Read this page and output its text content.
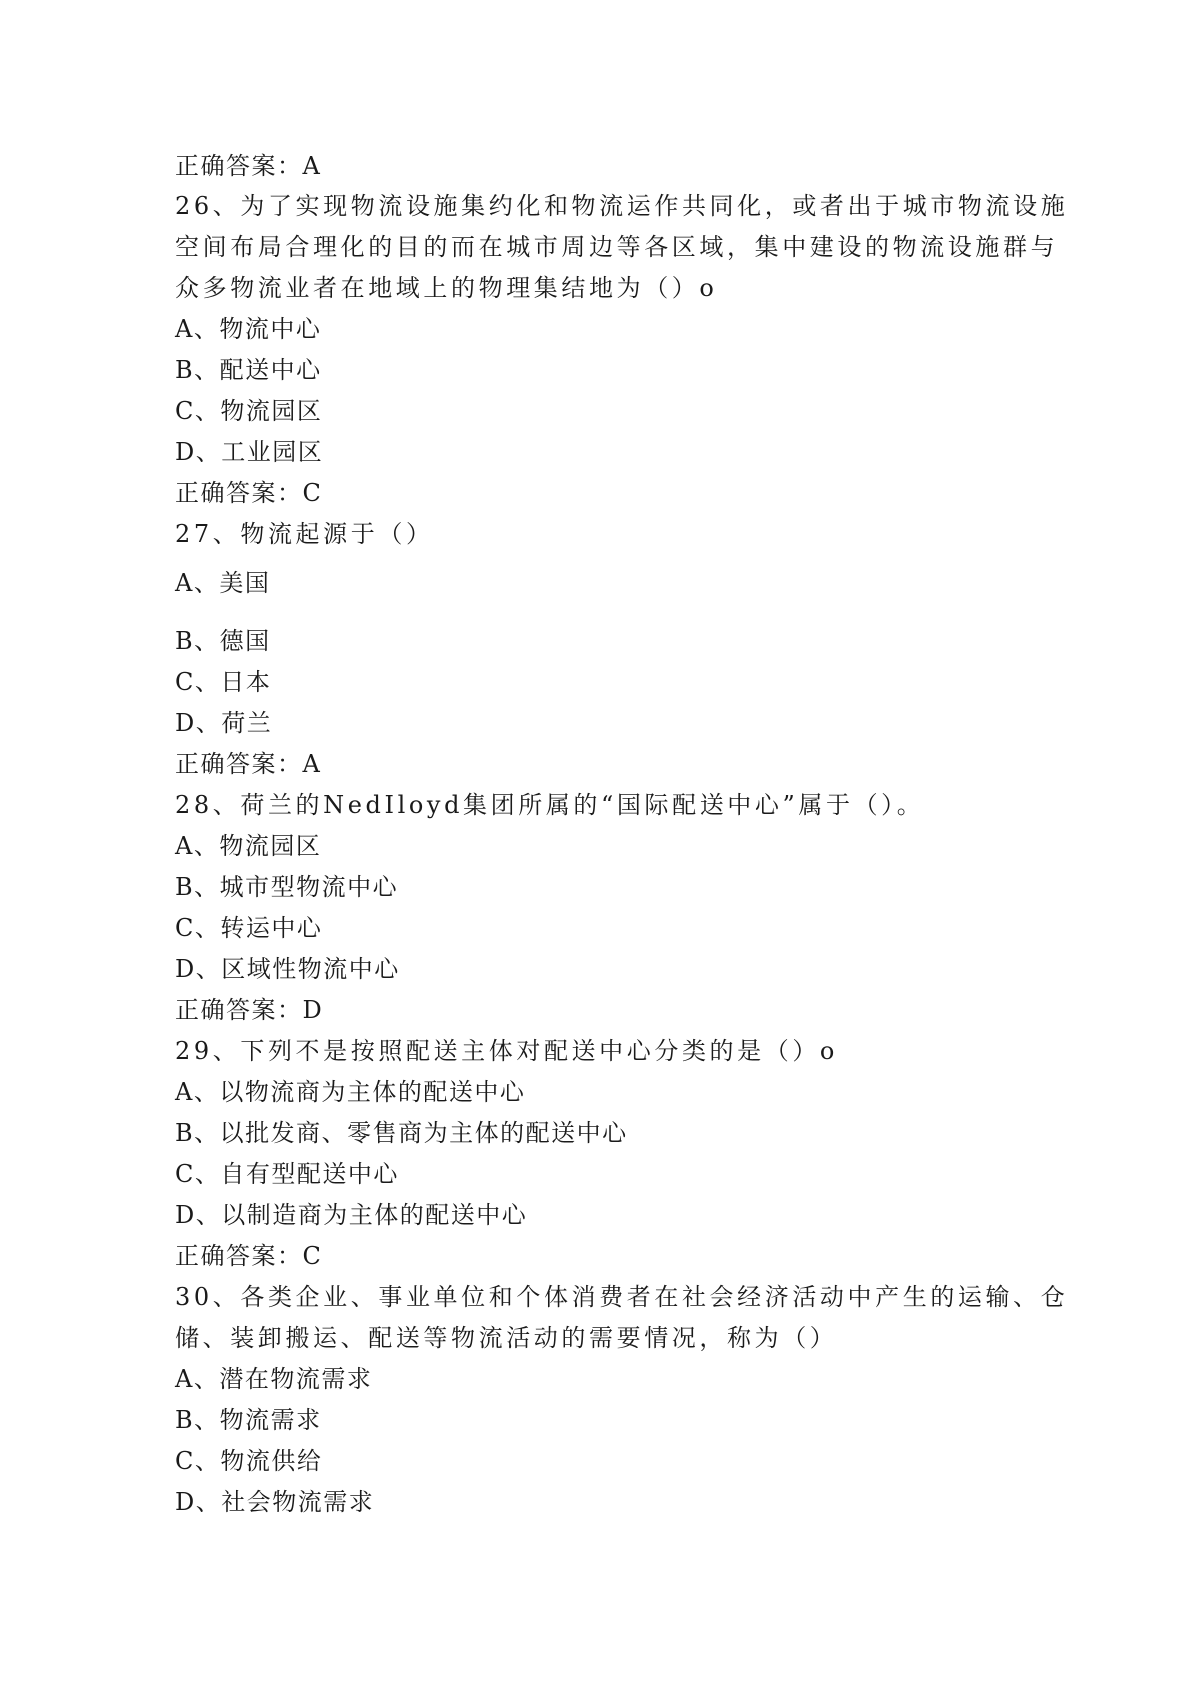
正确答案：A
26、为了实现物流设施集约化和物流运作共同化，或者出于城市物流设施
空间布局合理化的目的而在城市周边等各区域，集中建设的物流设施群与
众多物流业者在地域上的物理集结地为（）o
A、物流中心
B、配送中心
C、物流园区
D、工业园区
正确答案：C
27、物流起源于（）
A、美国
B、德国
C、日本
D、荷兰
正确答案：A
28、荷兰的NedIloyd集团所属的“国际配送中心”属于（）。
A、物流园区
B、城市型物流中心
C、转运中心
D、区域性物流中心
正确答案：D
29、下列不是按照配送主体对配送中心分类的是（）o
A、以物流商为主体的配送中心
B、以批发商、零售商为主体的配送中心
C、自有型配送中心
D、以制造商为主体的配送中心
正确答案：C
30、各类企业、事业单位和个体消费者在社会经济活动中产生的运输、仓
储、装卸搬运、配送等物流活动的需要情况，称为（）
A、潜在物流需求
B、物流需求
C、物流供给
D、社会物流需求
